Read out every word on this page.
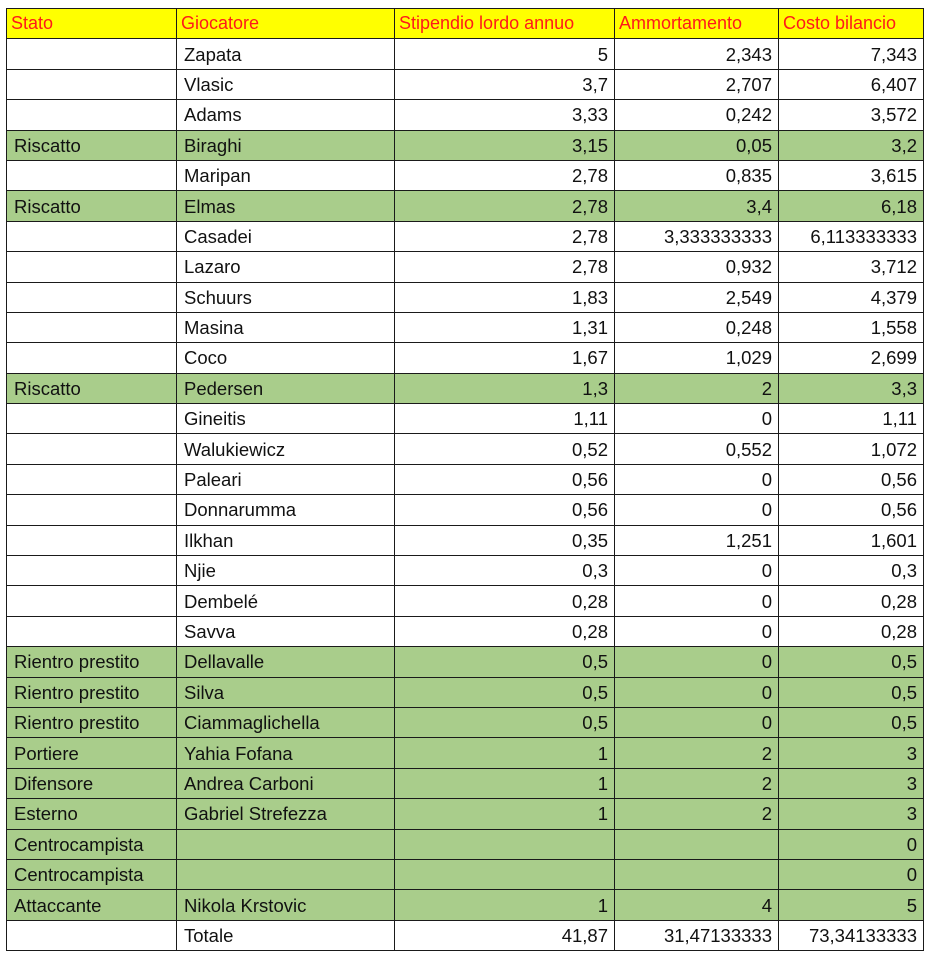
Stato	Giocatore	Stipendio lordo annuo	Ammortamento	Costo bilancio
	Zapata	5	2,343	7,343
	Vlasic	3,7	2,707	6,407
	Adams	3,33	0,242	3,572
Riscatto	Biraghi	3,15	0,05	3,2
	Maripan	2,78	0,835	3,615
Riscatto	Elmas	2,78	3,4	6,18
	Casadei	2,78	3,333333333	6,113333333
	Lazaro	2,78	0,932	3,712
	Schuurs	1,83	2,549	4,379
	Masina	1,31	0,248	1,558
	Coco	1,67	1,029	2,699
Riscatto	Pedersen	1,3	2	3,3
	Gineitis	1,11	0	1,11
	Walukiewicz	0,52	0,552	1,072
	Paleari	0,56	0	0,56
	Donnarumma	0,56	0	0,56
	Ilkhan	0,35	1,251	1,601
	Njie	0,3	0	0,3
	Dembelé	0,28	0	0,28
	Savva	0,28	0	0,28
Rientro prestito	Dellavalle	0,5	0	0,5
Rientro prestito	Silva	0,5	0	0,5
Rientro prestito	Ciammaglichella	0,5	0	0,5
Portiere	Yahia Fofana	1	2	3
Difensore	Andrea Carboni	1	2	3
Esterno	Gabriel Strefezza	1	2	3
Centrocampista				0
Centrocampista				0
Attaccante	Nikola Krstovic	1	4	5
	Totale	41,87	31,47133333	73,34133333
